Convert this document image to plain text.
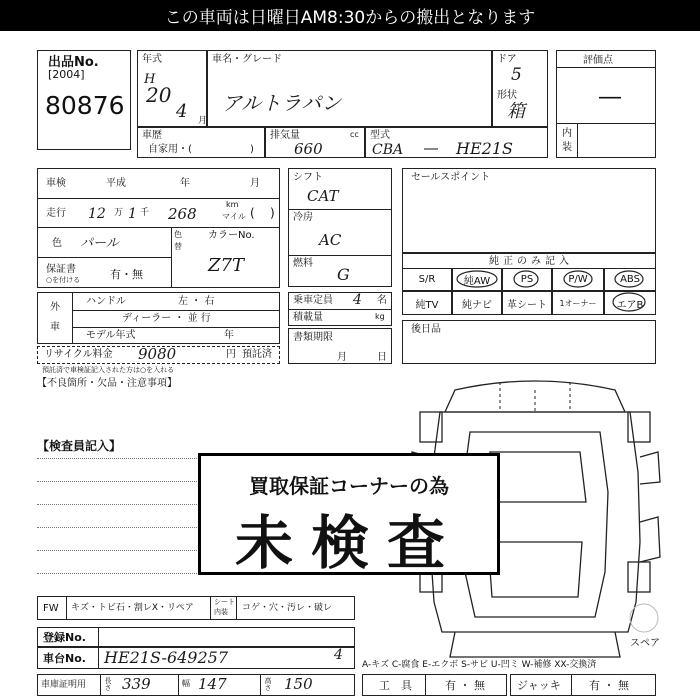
この車両は日曜日AM8:30からの搬出となります
出品No.
[2004]
80876
年式
H
20
4 月
車名・グレード
アルトラパン
ドア
5
形状
箱
評価点
―
内
装
車歴
自家用・(	)
排気量	cc
660
型式
CBA ― HE21S
車検	平成	年	月
走行 12 万 1 千 268
km
マイル ( )
色 パール
色
替
カラーNo.
Z7T
保証書
○を付ける	有・無
外
車
ハンドル	左 ・ 右
ディーラー ・ 並 行
モデル年式	年
リサイクル料金 9080	円 預託済
預託済で車検証記入された方は○を入れる
シフト
CAT
冷房
AC
燃料
G
乗車定員 4 名
積載量	kg
書類期限
月	日
セールスポイント
純正のみ記入
S/R	純AW	PS	P/W	ABS
純TV	純ナビ	革シート	1オーナー	エアB
後日品
【不良箇所・欠品・注意事項】
【検査員記入】
スペア
買取保証コーナーの為
未検査
FW キズ・トビ石・割レX・リペア
シート
内装 コゲ・穴・汚レ・破レ
登録No.
車台No. HE21S-649257	4
車庫証明用	長さ 339	幅 147	高さ 150
A-キズ C-腐食 E-エクボ S-サビ U-凹ミ W-補修 XX-交換済
工　具	有 ・ 無	ジャッキ	有 ・ 無
